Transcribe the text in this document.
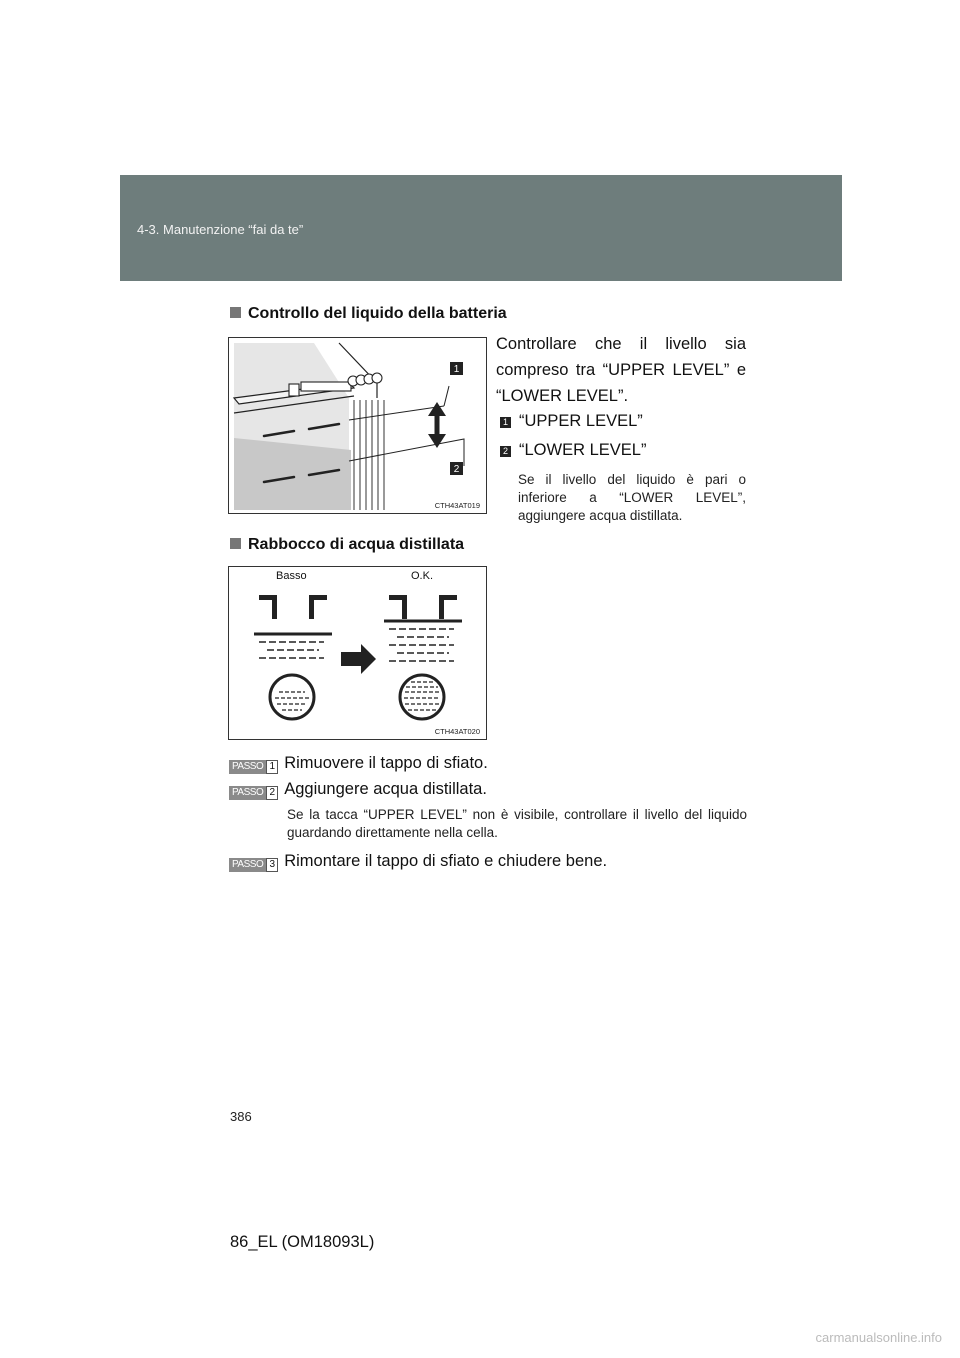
4-3. Manutenzione “fai da te”
Controllo del liquido della batteria
1
2
CTH43AT019
Controllare che il livello sia compreso tra “UPPER LEVEL” e “LOWER LEVEL”.
1 “UPPER LEVEL”
2 “LOWER LEVEL”
Se il livello del liquido è pari o inferiore a “LOWER LEVEL”, aggiungere acqua distillata.
Rabbocco di acqua distillata
Basso	O.K.
CTH43AT020
PASSO 1 Rimuovere il tappo di sfiato.
PASSO 2 Aggiungere acqua distillata.
Se la tacca “UPPER LEVEL” non è visibile, controllare il livello del liquido guardando direttamente nella cella.
PASSO 3 Rimontare il tappo di sfiato e chiudere bene.
386
86_EL (OM18093L)
carmanualsonline.info
